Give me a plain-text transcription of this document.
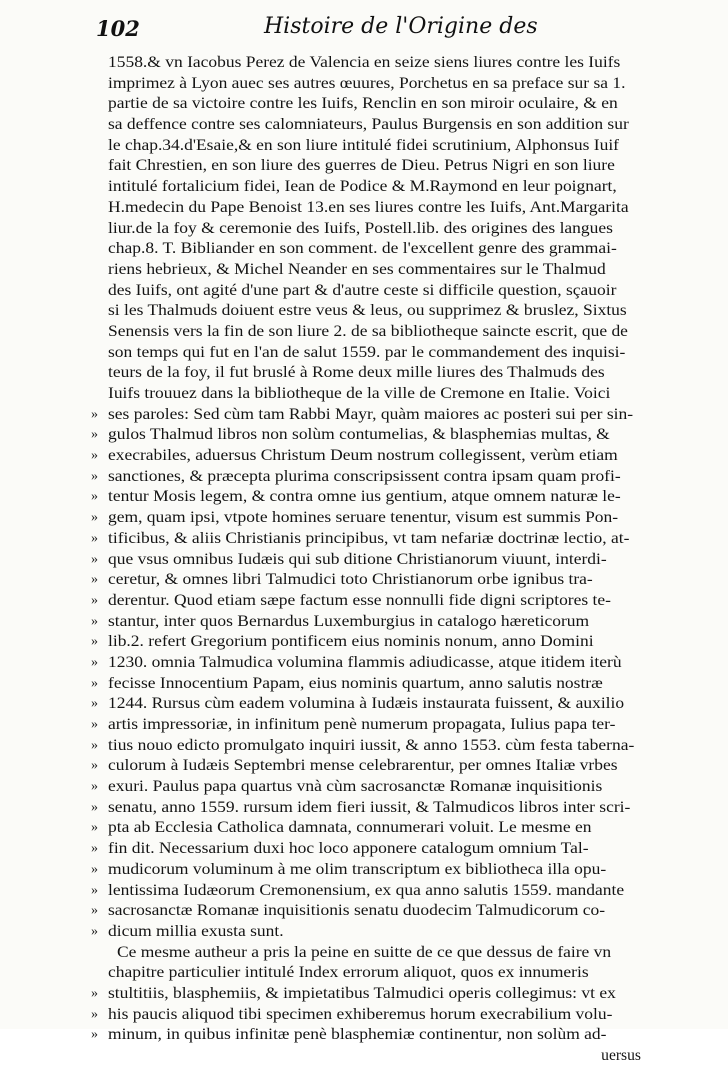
102	Histoire de l'Origine des
1558.& vn Iacobus Perez de Valencia en seize siens liures contre les Iuifs
imprimez à Lyon auec ses autres œuures, Porchetus en sa preface sur sa 1.
partie de sa victoire contre les Iuifs, Renclin en son miroir oculaire, & en
sa deffence contre ses calomniateurs, Paulus Burgensis en son addition sur
le chap.34.d'Esaie,& en son liure intitulé fidei scrutinium, Alphonsus Iuif
fait Chrestien, en son liure des guerres de Dieu. Petrus Nigri en son liure
intitulé fortalicium fidei, Iean de Podice & M.Raymond en leur poignart,
H.medecin du Pape Benoist 13.en ses liures contre les Iuifs, Ant.Margarita
liur.de la foy & ceremonie des Iuifs, Postell.lib. des origines des langues
chap.8. T. Bibliander en son comment. de l'excellent genre des grammai-
riens hebrieux, & Michel Neander en ses commentaires sur le Thalmud
des Iuifs, ont agité d'une part & d'autre ceste si difficile question, sçauoir
si les Thalmuds doiuent estre veus & leus, ou supprimez & bruslez, Sixtus
Senensis vers la fin de son liure 2. de sa bibliotheque saincte escrit, que de
son temps qui fut en l'an de salut 1559. par le commandement des inquisi-
teurs de la foy, il fut bruslé à Rome deux mille liures des Thalmuds des
Iuifs trouuez dans la bibliotheque de la ville de Cremone en Italie. Voici
» ses paroles: Sed cùm tam Rabbi Mayr, quàm maiores ac posteri sui per sin-
» gulos Thalmud libros non solùm contumelias, & blasphemias multas, &
» execrabiles, aduersus Christum Deum nostrum collegissent, verùm etiam
» sanctiones, & præcepta plurima conscripsissent contra ipsam quam profi-
» tentur Mosis legem, & contra omne ius gentium, atque omnem naturæ le-
» gem, quam ipsi, vtpote homines seruare tenentur, visum est summis Pon-
» tificibus, & aliis Christianis principibus, vt tam nefariæ doctrinæ lectio, at-
» que vsus omnibus Iudæis qui sub ditione Christianorum viuunt, interdi-
» ceretur, & omnes libri Talmudici toto Christianorum orbe ignibus tra-
» derentur. Quod etiam sæpe factum esse nonnulli fide digni scriptores te-
» stantur, inter quos Bernardus Luxemburgius in catalogo hæreticorum
» lib.2. refert Gregorium pontificem eius nominis nonum, anno Domini
» 1230. omnia Talmudica volumina flammis adiudicasse, atque itidem iterù
» fecisse Innocentium Papam, eius nominis quartum, anno salutis nostræ
» 1244. Rursus cùm eadem volumina à Iudæis instaurata fuissent, & auxilio
» artis impressoriæ, in infinitum penè numerum propagata, Iulius papa ter-
» tius nouo edicto promulgato inquiri iussit, & anno 1553. cùm festa taberna-
» culorum à Iudæis Septembri mense celebrarentur, per omnes Italiæ vrbes
» exuri. Paulus papa quartus vnà cùm sacrosanctæ Romanæ inquisitionis
» senatu, anno 1559. rursum idem fieri iussit, & Talmudicos libros inter scri-
» pta ab Ecclesia Catholica damnata, connumerari voluit. Le mesme en
» fin dit. Necessarium duxi hoc loco apponere catalogum omnium Tal-
» mudicorum voluminum à me olim transcriptum ex bibliotheca illa opu-
» lentissima Iudæorum Cremonensium, ex qua anno salutis 1559. mandante
» sacrosanctæ Romanæ inquisitionis senatu duodecim Talmudicorum co-
» dicum millia exusta sunt.
Ce mesme autheur a pris la peine en suitte de ce que dessus de faire vn
chapitre particulier intitulé Index errorum aliquot, quos ex innumeris
» stultitiis, blasphemiis, & impietatibus Talmudici operis collegimus: vt ex
» his paucis aliquod tibi specimen exhiberemus horum execrabilium volu-
» minum, in quibus infinitæ penè blasphemiæ continentur, non solùm ad-
uersus
